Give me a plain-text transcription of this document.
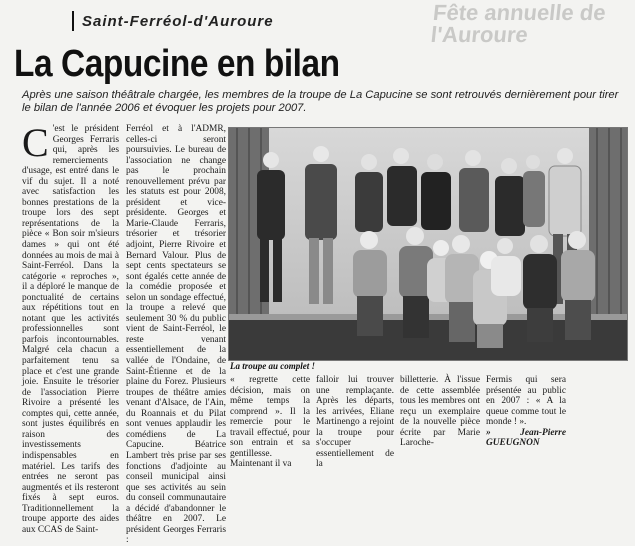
Saint-Ferréol-d'Auroure	Fête annuelle de l'Auroure
La Capucine en bilan
Après une saison théâtrale chargée, les membres de la troupe de La Capucine se sont retrouvés dernièrement pour tirer le bilan de l'année 2006 et évoquer les projets pour 2007.
C 'est le président Georges Ferraris qui, après les remerciements d'usage, est entré dans le vif du sujet. Il a noté avec satisfaction les bonnes prestations de la troupe lors des sept représentations de la pièce « Bon soir m'sieurs dames » qui ont été données au mois de mai à Saint-Ferréol. Dans la catégorie « reproches », il a déploré le manque de ponctualité de certains aux répétitions tout en notant que les activités professionnelles sont parfois incontournables. Malgré cela chacun a parfaitement tenu sa place et c'est une grande joie. Ensuite le trésorier de l'association Pierre Rivoire a présenté les comptes qui, cette année, sont justes équilibrés en raison des investissements indispensables en matériel. Les tarifs des entrées ne seront pas augmentés et ils resteront fixés à sept euros. Traditionnellement la troupe apporte des aides aux CCAS de Saint-

Ferréol et à l'ADMR, celles-ci seront poursuivies. Le bureau de l'association ne change pas le prochain renouvellement prévu par les statuts est pour 2008, président et vice-présidente. Georges et Marie-Claude Ferraris, trésorier et trésorier adjoint, Pierre Rivoire et Bernard Valour. Plus de sept cents spectateurs se sont égalés cette année de la comédie proposée et selon un sondage effectué, la troupe a relevé que seulement 30 % du public vient de Saint-Ferréol, le reste venant essentiellement de la vallée de l'Ondaine, de Saint-Étienne et de la plaine du Forez. Plusieurs troupes de théâtre amies venant d'Alsace, de l'Ain, du Roannais et du Pilat sont venues applaudir les comédiens de La Capucine. Béatrice Lambert très prise par ses fonctions d'adjointe au conseil municipal ainsi que ses activités au sein du conseil communautaire a décidé d'abandonner le théâtre en 2007. Le président Georges Ferraris :

La troupe au complet !

« regrette cette décision, mais on même temps la comprend ». Il la remercie pour le travail effectué, pour son entrain et sa gentillesse. Maintenant il va

falloir lui trouver une remplaçante. Après les départs, les arrivées, Eliane Martinengo a rejoint la troupe pour s'occuper essentiellement de la

billetterie. À l'issue de cette assemblée tous les membres ont reçu un exemplaire de la nouvelle pièce écrite par Marie Laroche-

Fermis qui sera présentée au public en 2007 : « A la queue comme tout le monde ! ».

» Jean-Pierre GUEUGNON
